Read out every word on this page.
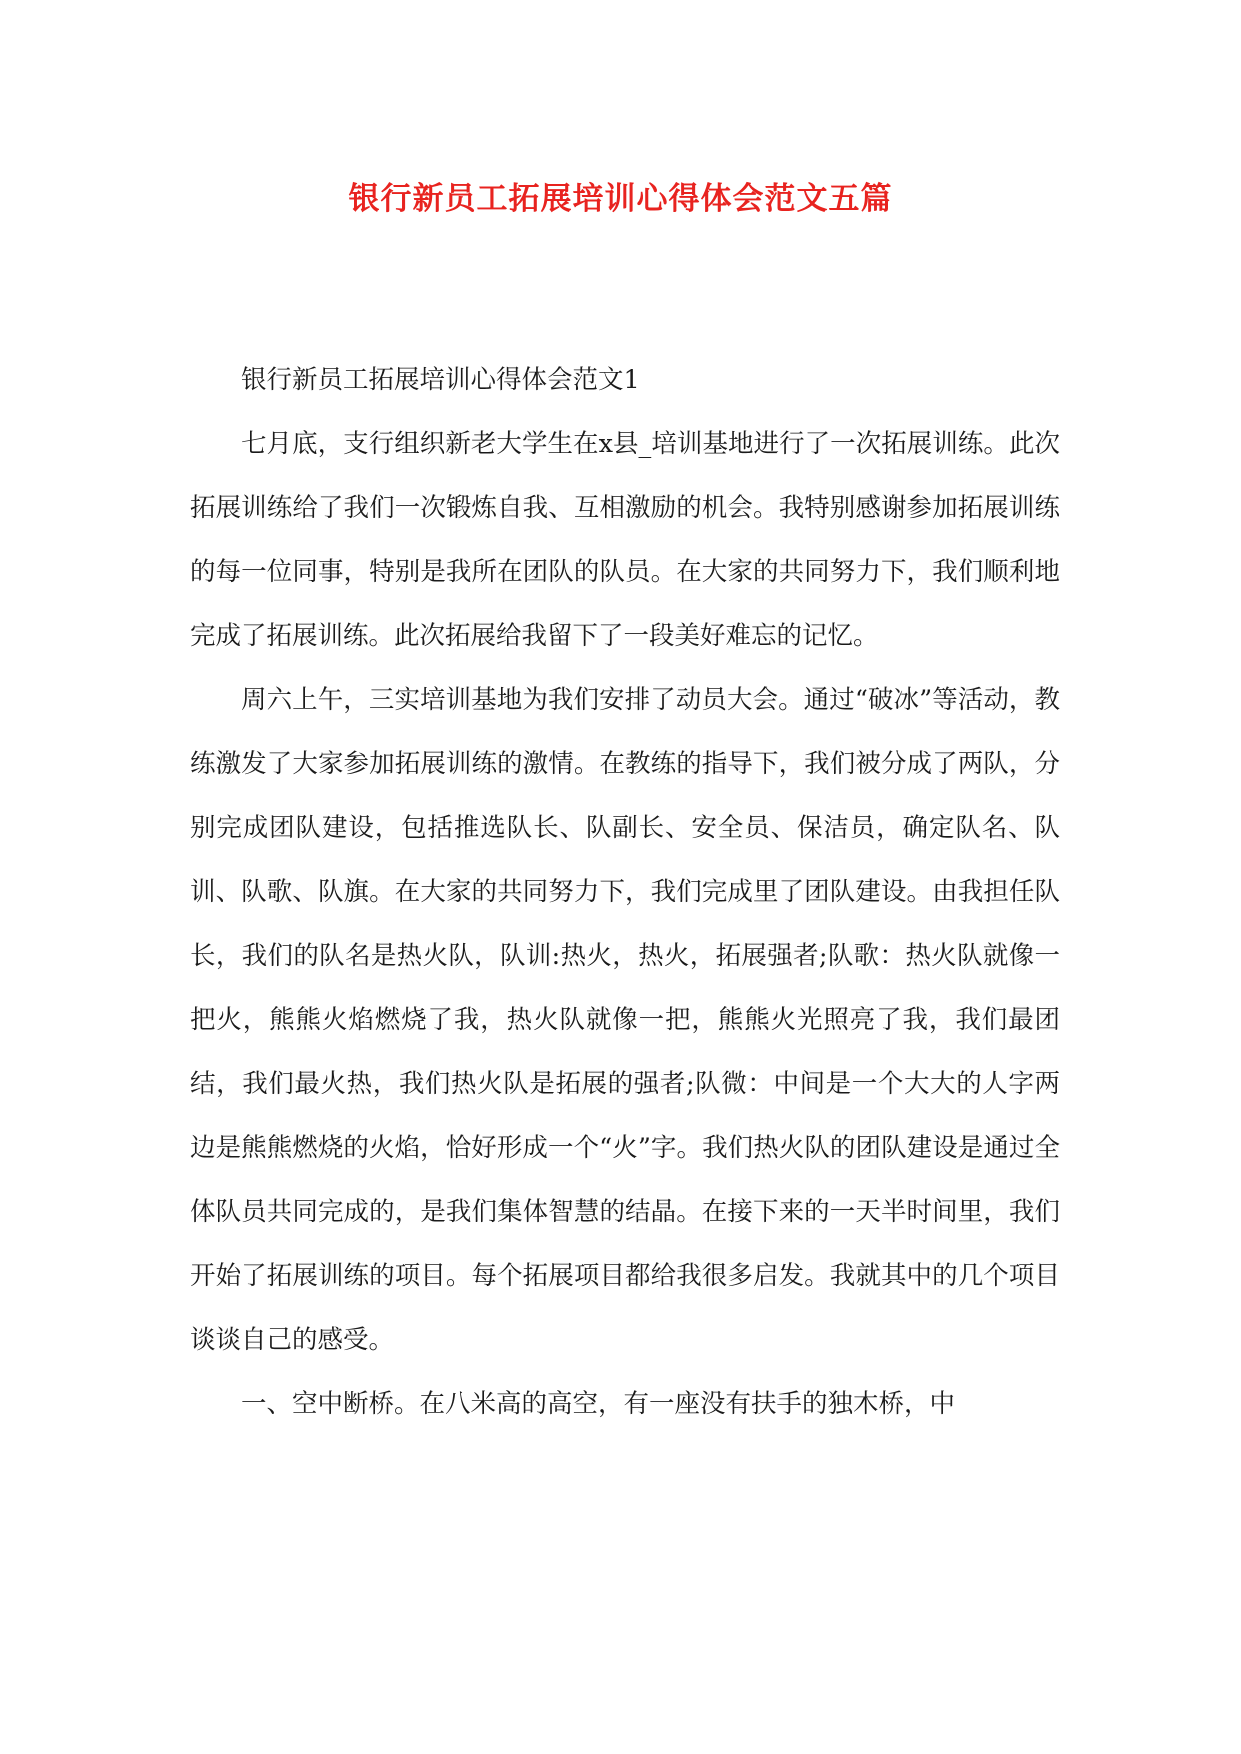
银行新员工拓展培训心得体会范文五篇

银行新员工拓展培训心得体会范文1

七月底，支行组织新老大学生在x县_培训基地进行了一次拓展训练。此次拓展训练给了我们一次锻炼自我、互相激励的机会。我特别感谢参加拓展训练的每一位同事，特别是我所在团队的队员。在大家的共同努力下，我们顺利地完成了拓展训练。此次拓展给我留下了一段美好难忘的记忆。

周六上午，三实培训基地为我们安排了动员大会。通过“破冰”等活动，教练激发了大家参加拓展训练的激情。在教练的指导下，我们被分成了两队，分别完成团队建设，包括推选队长、队副长、安全员、保洁员，确定队名、队训、队歌、队旗。在大家的共同努力下，我们完成里了团队建设。由我担任队长，我们的队名是热火队，队训:热火，热火，拓展强者;队歌：热火队就像一把火，熊熊火焰燃烧了我，热火队就像一把，熊熊火光照亮了我，我们最团结，我们最火热，我们热火队是拓展的强者;队微：中间是一个大大的人字两边是熊熊燃烧的火焰，恰好形成一个“火”字。我们热火队的团队建设是通过全体队员共同完成的，是我们集体智慧的结晶。在接下来的一天半时间里，我们开始了拓展训练的项目。每个拓展项目都给我很多启发。我就其中的几个项目谈谈自己的感受。

一、空中断桥。在八米高的高空，有一座没有扶手的独木桥，中
